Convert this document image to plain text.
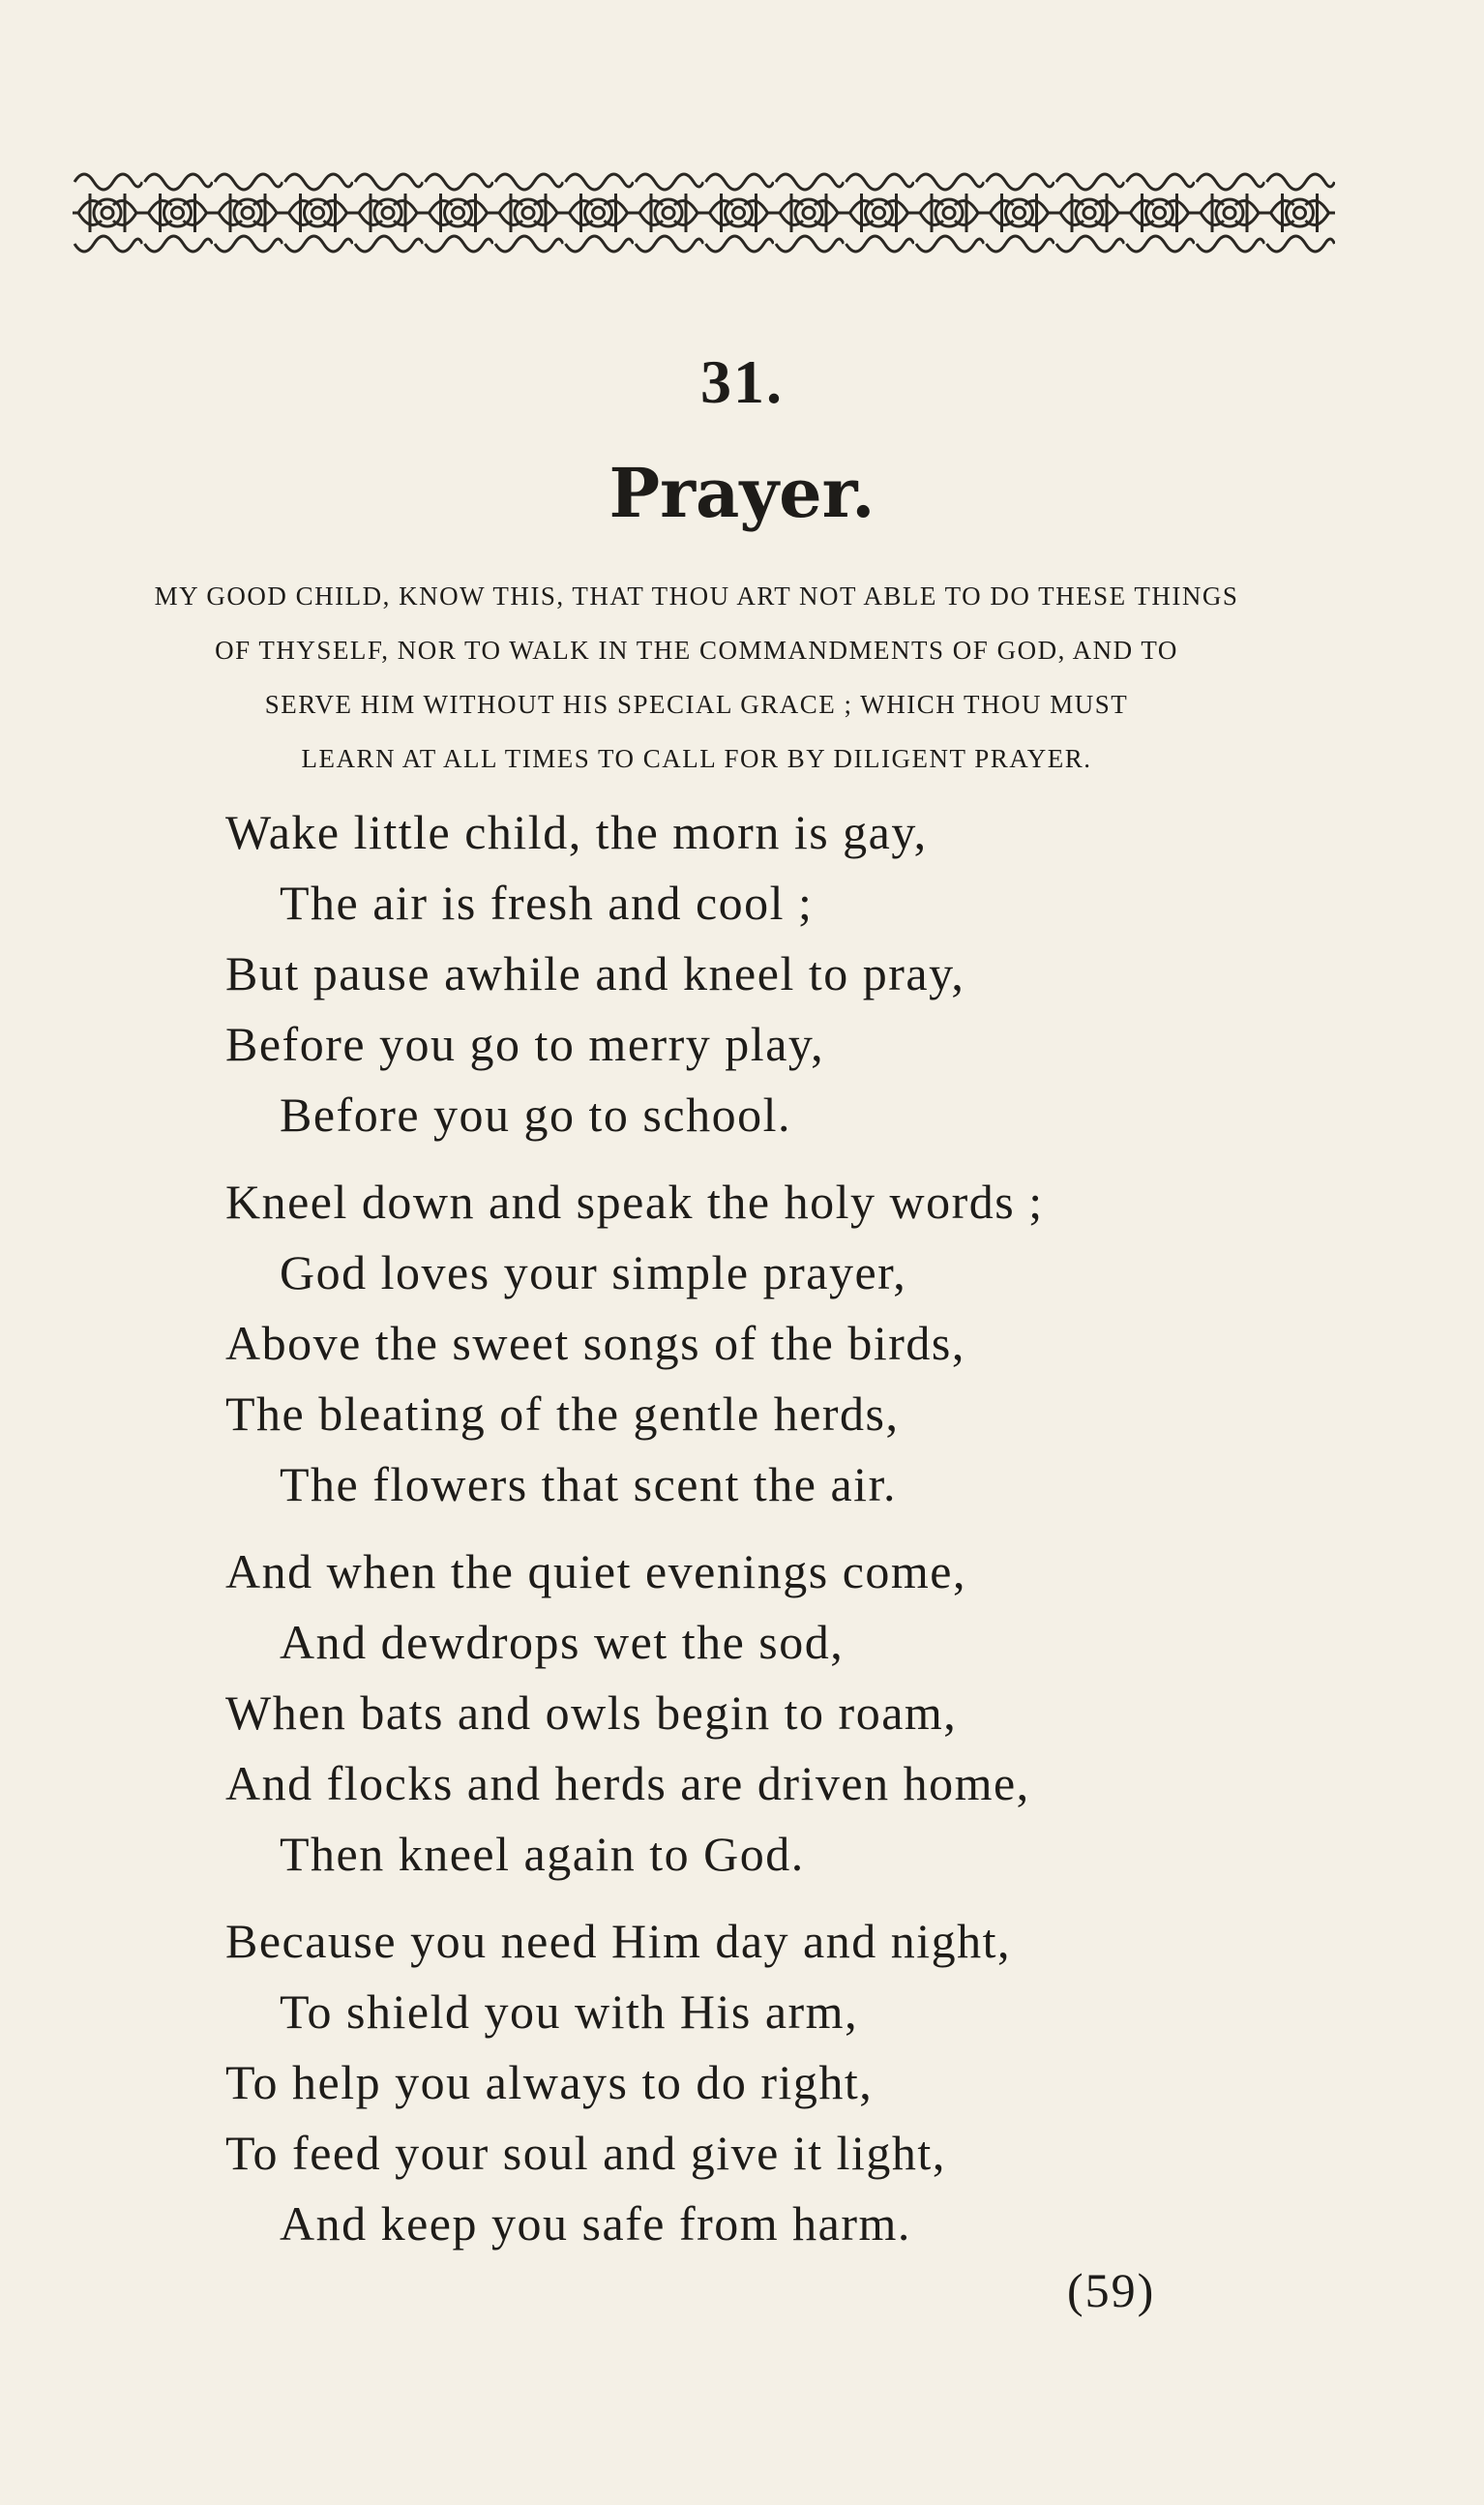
31.
Prayer.
MY GOOD CHILD, KNOW THIS, THAT THOU ART NOT ABLE TO DO THESE THINGS
OF THYSELF, NOR TO WALK IN THE COMMANDMENTS OF GOD, AND TO
SERVE HIM WITHOUT HIS SPECIAL GRACE ; WHICH THOU MUST
LEARN AT ALL TIMES TO CALL FOR BY DILIGENT PRAYER.
Wake little child, the morn is gay,
The air is fresh and cool ;
But pause awhile and kneel to pray,
Before you go to merry play,
Before you go to school.
Kneel down and speak the holy words ;
God loves your simple prayer,
Above the sweet songs of the birds,
The bleating of the gentle herds,
The flowers that scent the air.
And when the quiet evenings come,
And dewdrops wet the sod,
When bats and owls begin to roam,
And flocks and herds are driven home,
Then kneel again to God.
Because you need Him day and night,
To shield you with His arm,
To help you always to do right,
To feed your soul and give it light,
And keep you safe from harm.
(59)
